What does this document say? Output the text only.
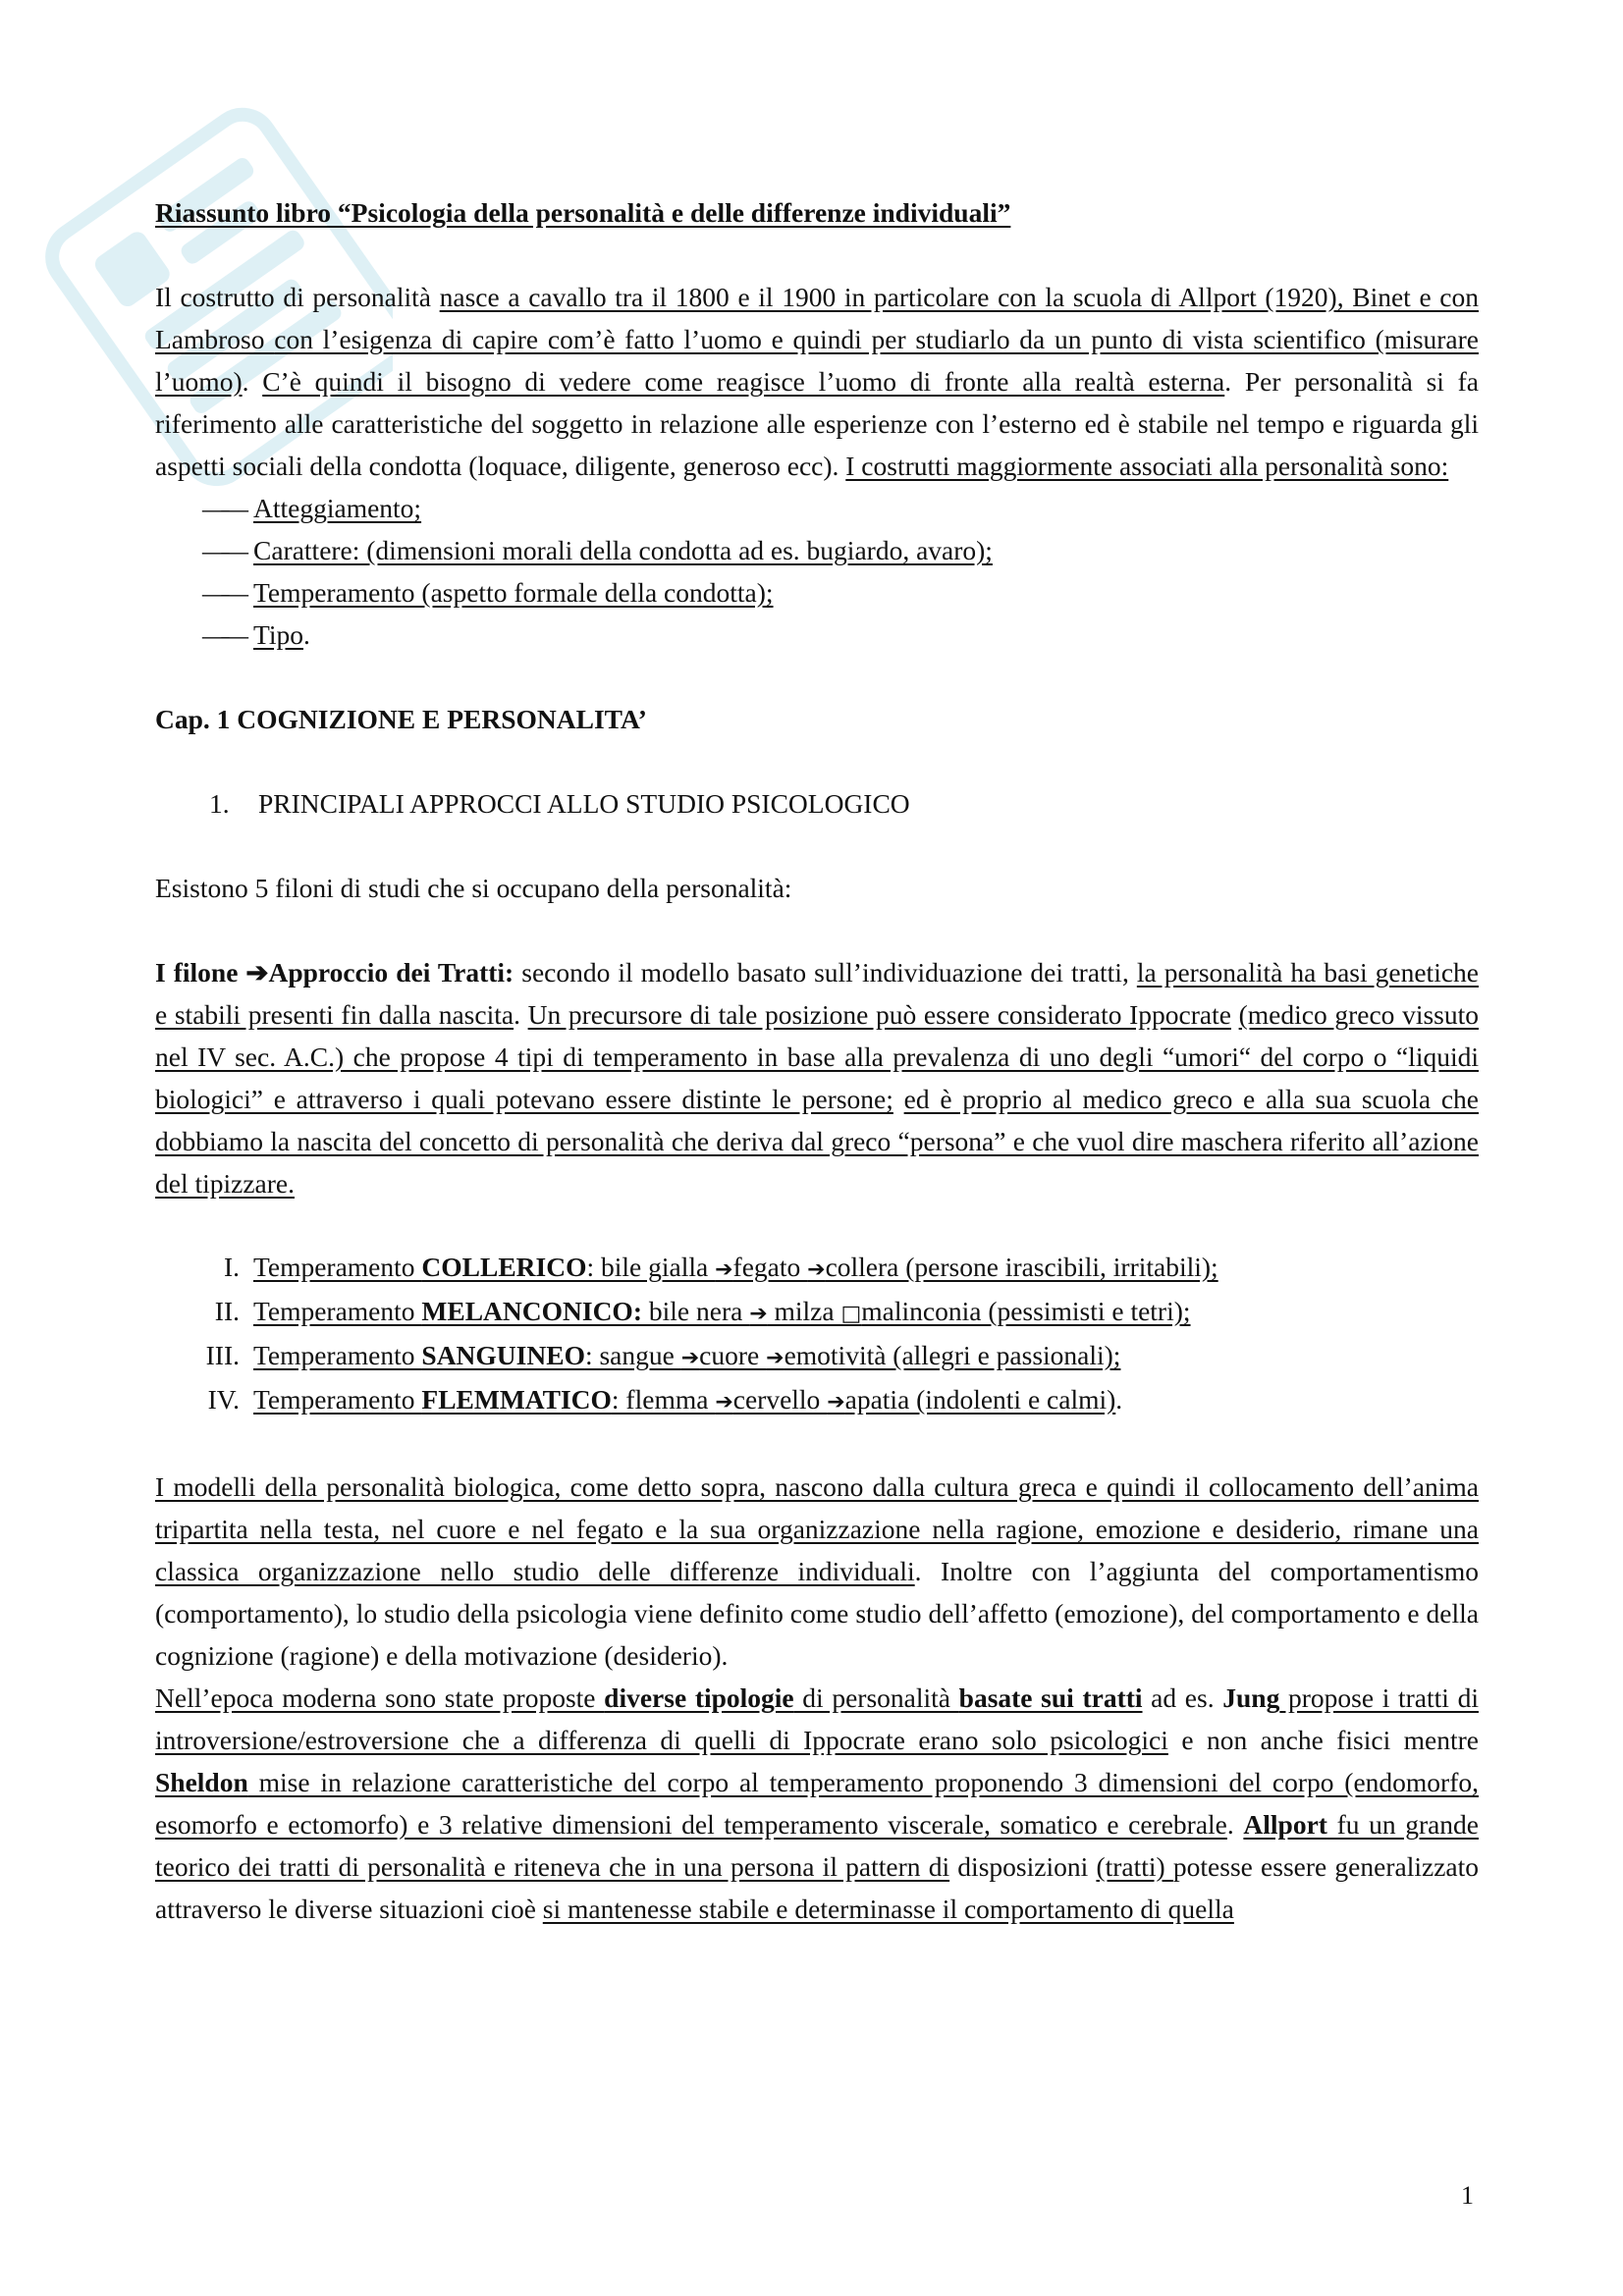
Riassunto libro “Psicologia della personalità e delle differenze individuali”

Il costrutto di personalità nasce a cavallo tra il 1800 e il 1900 in particolare con la scuola di Allport (1920), Binet e con Lambroso con l’esigenza di capire com’è fatto l’uomo e quindi per studiarlo da un punto di vista scientifico (misurare l’uomo). C’è quindi il bisogno di vedere come reagisce l’uomo di fronte alla realtà esterna. Per personalità si fa riferimento alle caratteristiche del soggetto in relazione alle esperienze con l’esterno ed è stabile nel tempo e riguarda gli aspetti sociali della condotta (loquace, diligente, generoso ecc). I costrutti maggiormente associati alla personalità sono:

—— Atteggiamento;
—— Carattere: (dimensioni morali della condotta ad es. bugiardo, avaro);
—— Temperamento (aspetto formale della condotta);
—— Tipo.

Cap. 1 COGNIZIONE E PERSONALITA’

1. PRINCIPALI APPROCCI ALLO STUDIO PSICOLOGICO

Esistono 5 filoni di studi che si occupano della personalità:

I filone ➔Approccio dei Tratti: secondo il modello basato sull’individuazione dei tratti, la personalità ha basi genetiche e stabili presenti fin dalla nascita. Un precursore di tale posizione può essere considerato Ippocrate (medico greco vissuto nel IV sec. A.C.) che propose 4 tipi di temperamento in base alla prevalenza di uno degli “umori“ del corpo o “liquidi biologici” e attraverso i quali potevano essere distinte le persone; ed è proprio al medico greco e alla sua scuola che dobbiamo la nascita del concetto di personalità che deriva dal greco “persona” e che vuol dire maschera riferito all’azione del tipizzare.

I. Temperamento COLLERICO: bile gialla ➔fegato ➔collera (persone irascibili, irritabili);
II. Temperamento MELANCONICO: bile nera ➔ milza □malinconia (pessimisti e tetri);
III. Temperamento SANGUINEO: sangue ➔cuore ➔emotività (allegri e passionali);
IV. Temperamento FLEMMATICO: flemma ➔cervello ➔apatia (indolenti e calmi).

I modelli della personalità biologica, come detto sopra, nascono dalla cultura greca e quindi il collocamento dell’anima tripartita nella testa, nel cuore e nel fegato e la sua organizzazione nella ragione, emozione e desiderio, rimane una classica organizzazione nello studio delle differenze individuali. Inoltre con l’aggiunta del comportamentismo (comportamento), lo studio della psicologia viene definito come studio dell’affetto (emozione), del comportamento e della cognizione (ragione) e della motivazione (desiderio).

Nell’epoca moderna sono state proposte diverse tipologie di personalità basate sui tratti ad es. Jung propose i tratti di introversione/estroversione che a differenza di quelli di Ippocrate erano solo psicologici e non anche fisici mentre Sheldon mise in relazione caratteristiche del corpo al temperamento proponendo 3 dimensioni del corpo (endomorfo, esomorfo e ectomorfo) e 3 relative dimensioni del temperamento viscerale, somatico e cerebrale. Allport fu un grande teorico dei tratti di personalità e riteneva che in una persona il pattern di disposizioni (tratti) potesse essere generalizzato attraverso le diverse situazioni cioè si mantenesse stabile e determinasse il comportamento di quella

1
